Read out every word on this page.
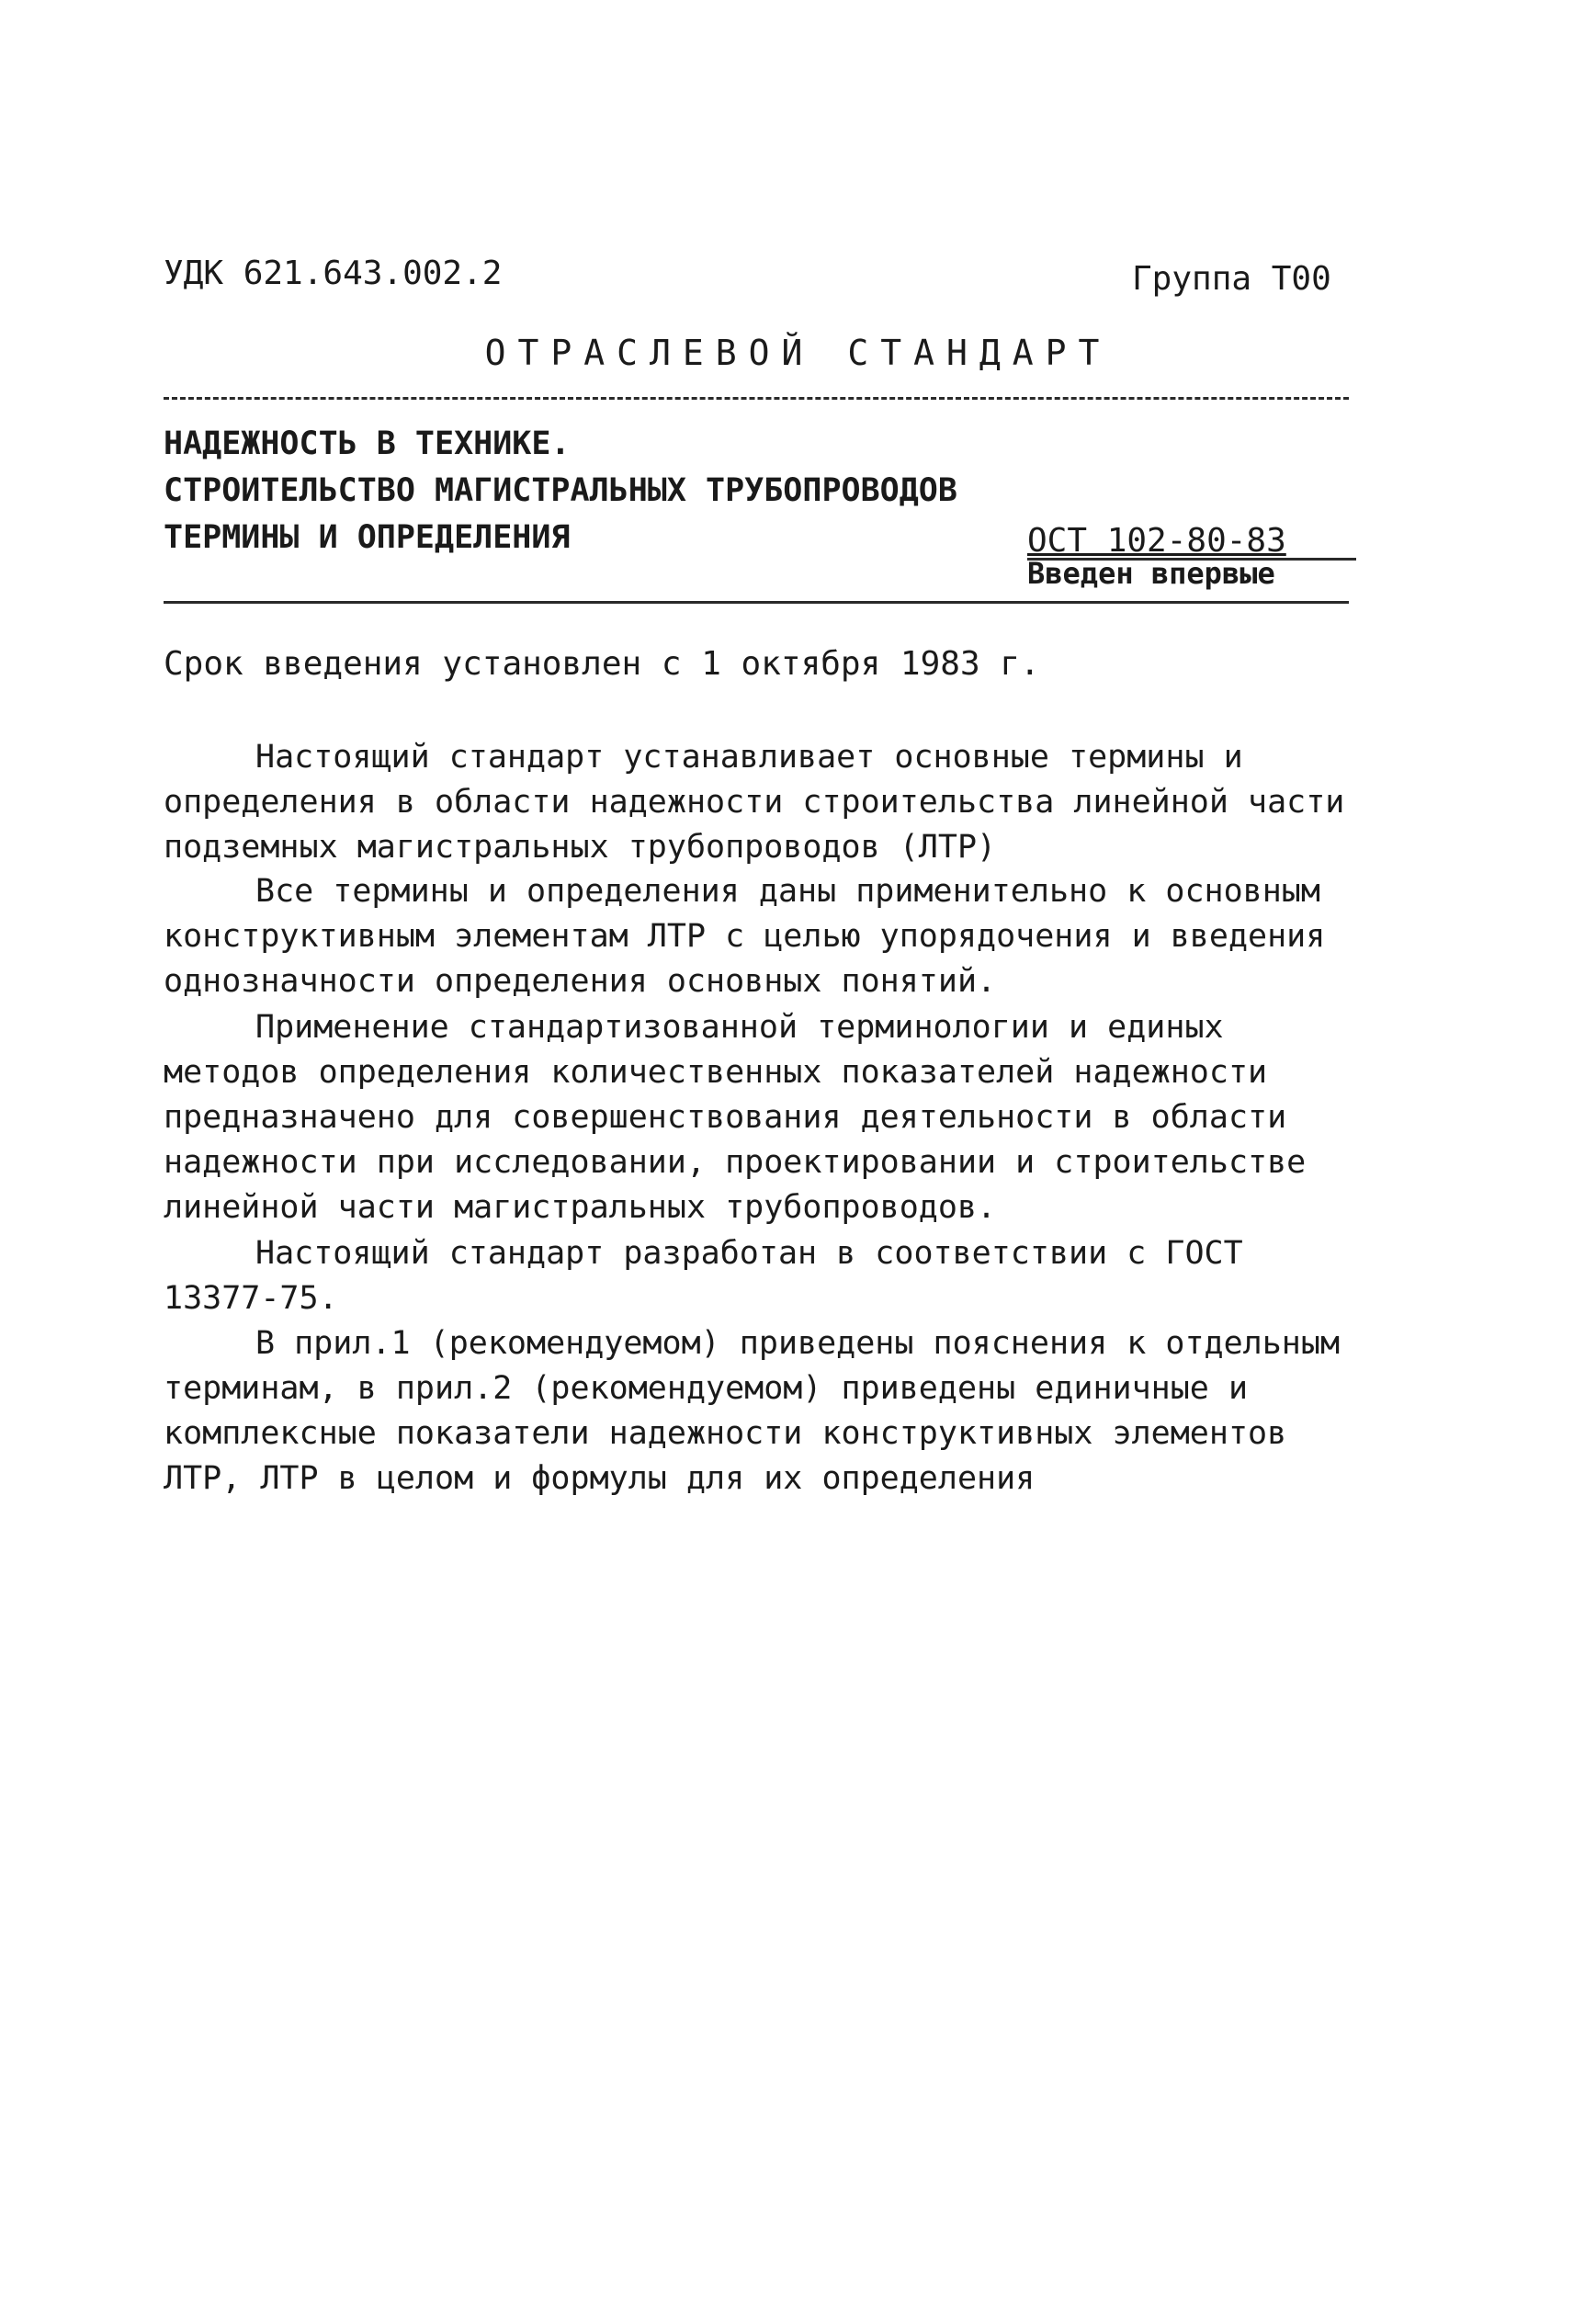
УДК 621.643.002.2	Группа Т00
ОТРАСЛЕВОЙ СТАНДАРТ
НАДЕЖНОСТЬ В ТЕХНИКЕ.
СТРОИТЕЛЬСТВО МАГИСТРАЛЬНЫХ ТРУБОПРОВОДОВ
ТЕРМИНЫ И ОПРЕДЕЛЕНИЯ	ОСТ 102-80-83
Введен впервые
Срок введения установлен с 1 октября 1983 г.
Настоящий стандарт устанавливает основные термины и определения в области надежности строительства линейной части подземных магистральных трубопроводов (ЛТР)
Все термины и определения даны применительно к основным конструктивным элементам ЛТР с целью упорядочения и введения однозначности определения основных понятий.
Применение стандартизованной терминологии и единых методов определения количественных показателей надежности предназначено для совершенствования деятельности в области надежности при исследовании, проектировании и строительстве линейной части магистральных трубопроводов.
Настоящий стандарт разработан в соответствии с ГОСТ 13377-75.
В прил.1 (рекомендуемом) приведены пояснения к отдельным терминам, в прил.2 (рекомендуемом) приведены единичные и комплексные показатели надежности конструктивных элементов ЛТР, ЛТР в целом и формулы для их определения
